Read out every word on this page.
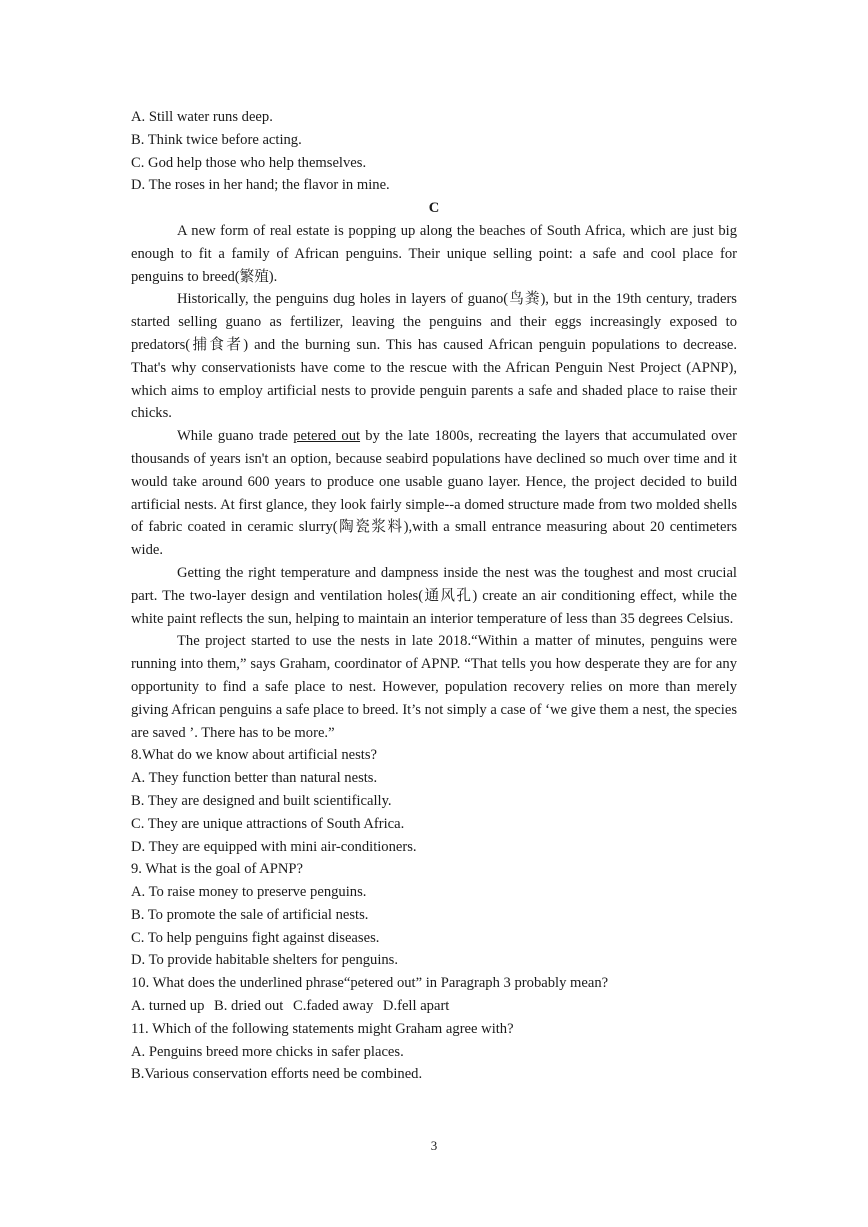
A. Still water runs deep.

B. Think twice before acting.

C. God help those who help themselves.

D. The roses in her hand; the flavor in mine.

C

A new form of real estate is popping up along the beaches of South Africa, which are just big enough to fit a family of African penguins. Their unique selling point: a safe and cool place for penguins to breed(繁殖).

Historically, the penguins dug holes in layers of guano(鸟粪), but in the 19th century, traders started selling guano as fertilizer, leaving the penguins and their eggs increasingly exposed to predators(捕食者) and the burning sun. This has caused African penguin populations to decrease. That's why conservationists have come to the rescue with the African Penguin Nest Project (APNP), which aims to employ artificial nests to provide penguin parents a safe and shaded place to raise their chicks.

While guano trade petered out by the late 1800s, recreating the layers that accumulated over thousands of years isn't an option, because seabird populations have declined so much over time and it would take around 600 years to produce one usable guano layer. Hence, the project decided to build artificial nests. At first glance, they look fairly simple--a domed structure made from two molded shells of fabric coated in ceramic slurry(陶瓷浆料),with a small entrance measuring about 20 centimeters wide.

Getting the right temperature and dampness inside the nest was the toughest and most crucial part. The two-layer design and ventilation holes(通风孔) create an air conditioning effect, while the white paint reflects the sun, helping to maintain an interior temperature of less than 35 degrees Celsius.

The project started to use the nests in late 2018.“Within a matter of minutes, penguins were running into them,” says Graham, coordinator of APNP. “That tells you how desperate they are for any opportunity to find a safe place to nest. However, population recovery relies on more than merely giving African penguins a safe place to breed. It’s not simply a case of ‘we give them a nest, the species are saved ’. There has to be more.”

8.What do we know about artificial nests?

A. They function better than natural nests.

B. They are designed and built scientifically.

C. They are unique attractions of South Africa.

D. They are equipped with mini air-conditioners.

9. What is the goal of APNP?

A. To raise money to preserve penguins.

B. To promote the sale of artificial nests.

C. To help penguins fight against diseases.

D. To provide habitable shelters for penguins.

10. What does the underlined phrase“petered out” in Paragraph 3 probably mean?

A. turned up B. dried out C.faded away D.fell apart

11. Which of the following statements might Graham agree with?

A. Penguins breed more chicks in safer places.

B.Various conservation efforts need be combined.

3
